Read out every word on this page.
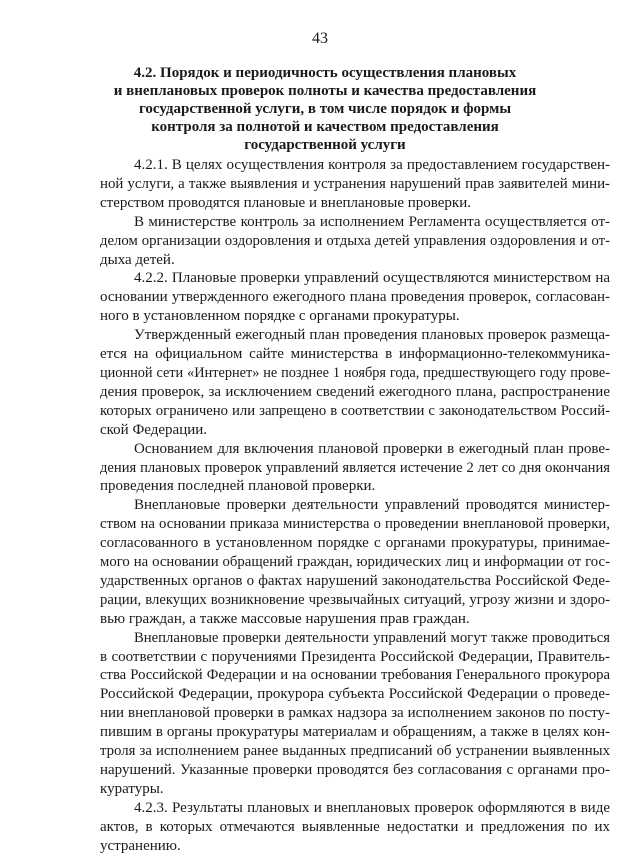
43
4.2. Порядок и периодичность осуществления плановых
и внеплановых проверок полноты и качества предоставления
государственной услуги, в том числе порядок и формы
контроля за полнотой и качеством предоставления
государственной услуги
4.2.1. В целях осуществления контроля за предоставлением государствен-
ной услуги, а также выявления и устранения нарушений прав заявителей мини-
стерством проводятся плановые и внеплановые проверки.
В министерстве контроль за исполнением Регламента осуществляется от-
делом организации оздоровления и отдыха детей управления оздоровления и от-
дыха детей.
4.2.2. Плановые проверки управлений осуществляются министерством на
основании утвержденного ежегодного плана проведения проверок, согласован-
ного в установленном порядке с органами прокуратуры.
Утвержденный ежегодный план проведения плановых проверок размеща-
ется на официальном сайте министерства в информационно-телекоммуника-
ционной сети «Интернет» не позднее 1 ноября года, предшествующего году прове-
дения проверок, за исключением сведений ежегодного плана, распространение
которых ограничено или запрещено в соответствии с законодательством Россий-
ской Федерации.
Основанием для включения плановой проверки в ежегодный план прове-
дения плановых проверок управлений является истечение 2 лет со дня окончания
проведения последней плановой проверки.
Внеплановые проверки деятельности управлений проводятся министер-
ством на основании приказа министерства о проведении внеплановой проверки,
согласованного в установленном порядке с органами прокуратуры, принимае-
мого на основании обращений граждан, юридических лиц и информации от гос-
ударственных органов о фактах нарушений законодательства Российской Феде-
рации, влекущих возникновение чрезвычайных ситуаций, угрозу жизни и здоро-
вью граждан, а также массовые нарушения прав граждан.
Внеплановые проверки деятельности управлений могут также проводиться
в соответствии с поручениями Президента Российской Федерации, Правитель-
ства Российской Федерации и на основании требования Генерального прокурора
Российской Федерации, прокурора субъекта Российской Федерации о проведе-
нии внеплановой проверки в рамках надзора за исполнением законов по посту-
пившим в органы прокуратуры материалам и обращениям, а также в целях кон-
троля за исполнением ранее выданных предписаний об устранении выявленных
нарушений. Указанные проверки проводятся без согласования с органами про-
куратуры.
4.2.3. Результаты плановых и внеплановых проверок оформляются в виде
актов, в которых отмечаются выявленные недостатки и предложения по их
устранению.
